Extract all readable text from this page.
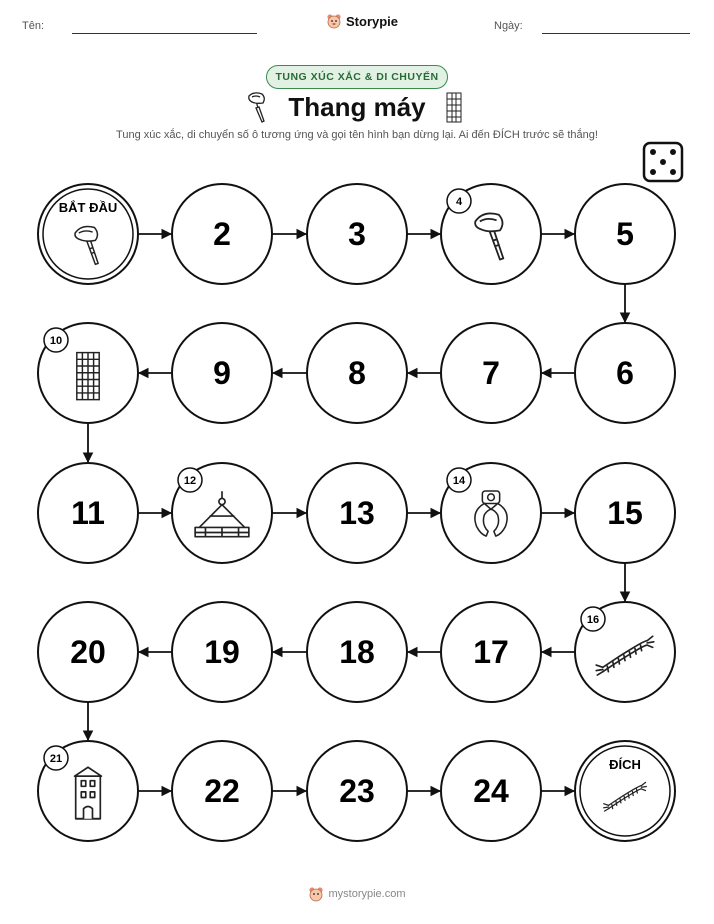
Tên:	Storypie	Ngày:
TUNG XÚC XẮC & DI CHUYỂN
Thang máy
Tung xúc xắc, di chuyển số ô tương ứng và gọi tên hình bạn dừng lại. Ai đến ĐÍCH trước sẽ thắng!
BẮT ĐẦU
2	3
4
5
6
7
8
9
10
11
12
13
14
15
16
17
18
19
20
21
22	23	24
ĐÍCH
mystorypie.com
